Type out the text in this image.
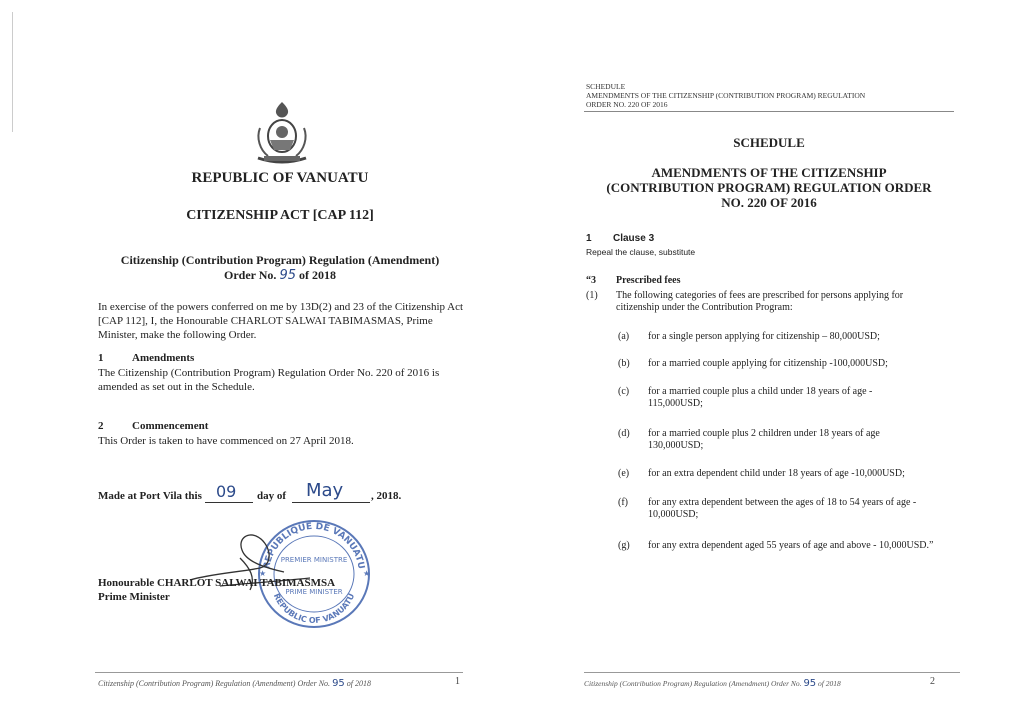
REPUBLIC OF VANUATU
CITIZENSHIP ACT [CAP 112]
Citizenship (Contribution Program) Regulation (Amendment)
Order No. 95 of 2018
In exercise of the powers conferred on me by 13D(2) and 23 of the Citizenship Act [CAP 112], I, the Honourable CHARLOT SALWAI TABIMASMAS, Prime Minister, make the following Order.
1	Amendments
The Citizenship (Contribution Program) Regulation Order No. 220 of 2016 is amended as set out in the Schedule.
2	Commencement
This Order is taken to have commenced on 27 April 2018.
Made at Port Vila this 09 day of May	, 2018.
REPUBLIQUE DE VANUATU
PREMIER MINISTRE
PRIME MINISTER
REPUBLIC OF VANUATU
★
★
Honourable CHARLOT SALWAI TABIMASMSA
Prime Minister
Citizenship (Contribution Program) Regulation (Amendment) Order No. 95 of 2018	1
SCHEDULE
AMENDMENTS OF THE CITIZENSHIP (CONTRIBUTION PROGRAM) REGULATION
ORDER NO. 220 OF 2016
SCHEDULE
AMENDMENTS OF THE CITIZENSHIP
(CONTRIBUTION PROGRAM) REGULATION ORDER
NO. 220 OF 2016
1 Clause 3
Repeal the clause, substitute
“3 Prescribed fees
(1) The following categories of fees are prescribed for persons applying for citizenship under the Contribution Program:
(a) for a single person applying for citizenship – 80,000USD;
(b) for a married couple applying for citizenship -100,000USD;
(c) for a married couple plus a child under 18 years of age - 115,000USD;
(d) for a married couple plus 2 children under 18 years of age 130,000USD;
(e) for an extra dependent child under 18 years of age -10,000USD;
(f) for any extra dependent between the ages of 18 to 54 years of age - 10,000USD;
(g) for any extra dependent aged 55 years of age and above - 10,000USD.”
Citizenship (Contribution Program) Regulation (Amendment) Order No. 95 of 2018	2
